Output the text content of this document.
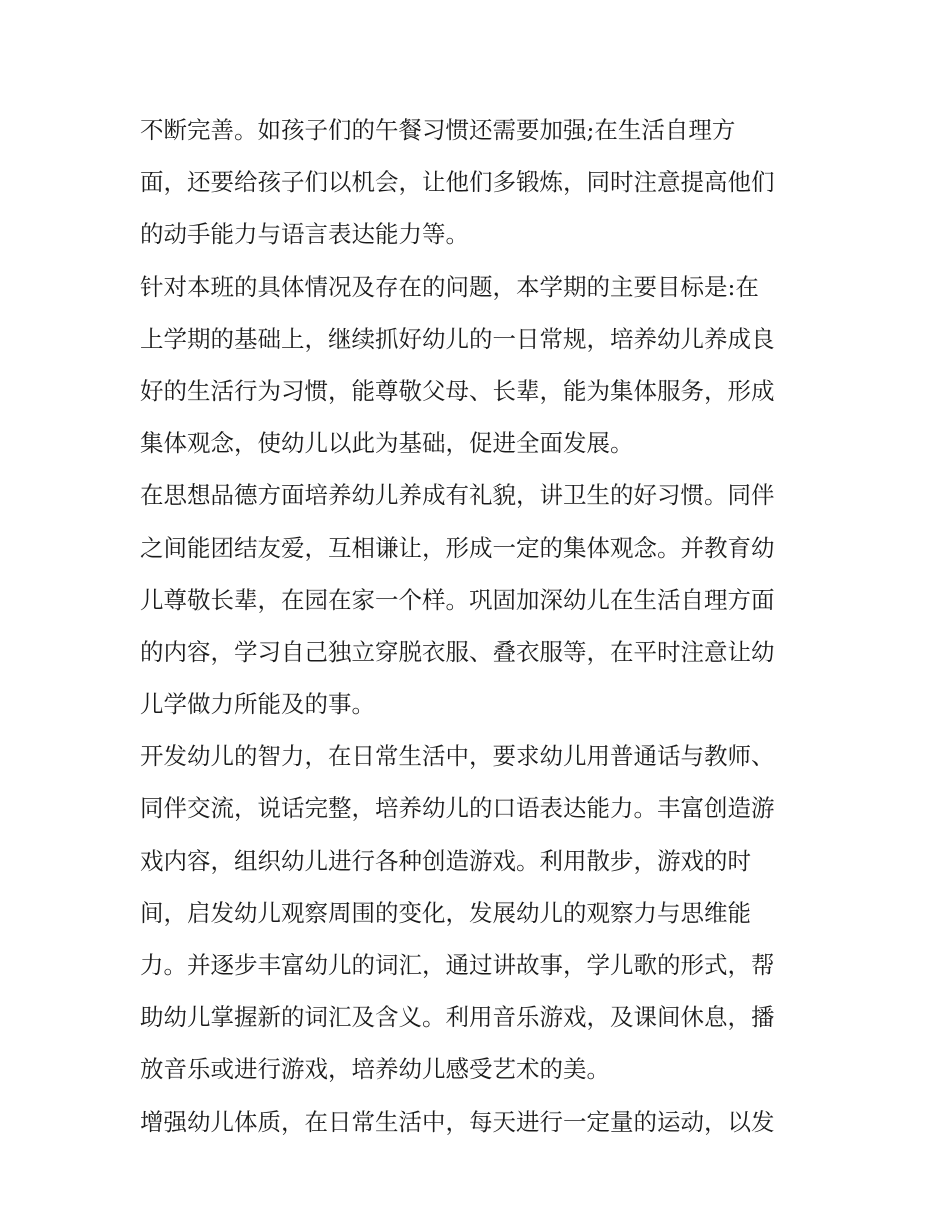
不断完善。如孩子们的午餐习惯还需要加强;在生活自理方
面，还要给孩子们以机会，让他们多锻炼，同时注意提高他们
的动手能力与语言表达能力等。
针对本班的具体情况及存在的问题，本学期的主要目标是:在
上学期的基础上，继续抓好幼儿的一日常规，培养幼儿养成良
好的生活行为习惯，能尊敬父母、长辈，能为集体服务，形成
集体观念，使幼儿以此为基础，促进全面发展。
在思想品德方面培养幼儿养成有礼貌，讲卫生的好习惯。同伴
之间能团结友爱，互相谦让，形成一定的集体观念。并教育幼
儿尊敬长辈，在园在家一个样。巩固加深幼儿在生活自理方面
的内容，学习自己独立穿脱衣服、叠衣服等，在平时注意让幼
儿学做力所能及的事。
开发幼儿的智力，在日常生活中，要求幼儿用普通话与教师、
同伴交流，说话完整，培养幼儿的口语表达能力。丰富创造游
戏内容，组织幼儿进行各种创造游戏。利用散步，游戏的时
间，启发幼儿观察周围的变化，发展幼儿的观察力与思维能
力。并逐步丰富幼儿的词汇，通过讲故事，学儿歌的形式，帮
助幼儿掌握新的词汇及含义。利用音乐游戏，及课间休息，播
放音乐或进行游戏，培养幼儿感受艺术的美。
增强幼儿体质，在日常生活中，每天进行一定量的运动，以发
